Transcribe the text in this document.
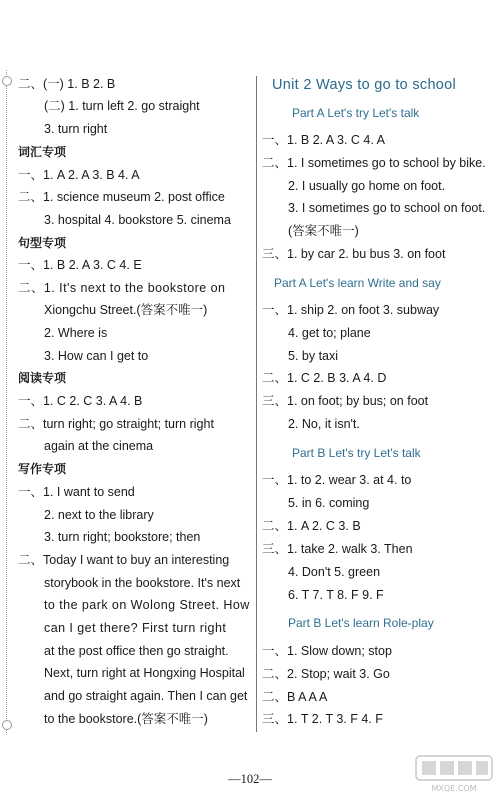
二、(一) 1. B 2. B
(二) 1. turn left 2. go straight
3. turn right
词汇专项
一、1. A 2. A 3. B 4. A
二、1. science museum 2. post office
3. hospital 4. bookstore 5. cinema
句型专项
一、1. B 2. A 3. C 4. E
二、1. It's next to the bookstore on
Xiongchu Street.(答案不唯一)
2. Where is
3. How can I get to
阅读专项
一、1. C 2. C 3. A 4. B
二、turn right; go straight; turn right
again at the cinema
写作专项
一、1. I want to send
2. next to the library
3. turn right; bookstore; then
二、Today I want to buy an interesting
storybook in the bookstore. It's next
to the park on Wolong Street. How
can I get there? First turn right
at the post office then go straight.
Next, turn right at Hongxing Hospital
and go straight again. Then I can get
to the bookstore.(答案不唯一)
Unit 2 Ways to go to school
Part A Let's try Let's talk
一、1. B 2. A 3. C 4. A
二、1. I sometimes go to school by bike.
2. I usually go home on foot.
3. I sometimes go to school on foot.
(答案不唯一)
三、1. by car 2. bu bus 3. on foot
Part A Let's learn Write and say
一、1. ship 2. on foot 3. subway
4. get to; plane
5. by taxi
二、1. C 2. B 3. A 4. D
三、1. on foot; by bus; on foot
2. No, it isn't.
Part B Let's try Let's talk
一、1. to 2. wear 3. at 4. to
5. in 6. coming
二、1. A 2. C 3. B
三、1. take 2. walk 3. Then
4. Don't 5. green
6. T 7. T 8. F 9. F
Part B Let's learn Role-play
一、1. Slow down; stop
二、2. Stop; wait 3. Go
二、B A A A
三、1. T 2. T 3. F 4. F
—102—
MXQE.COM
